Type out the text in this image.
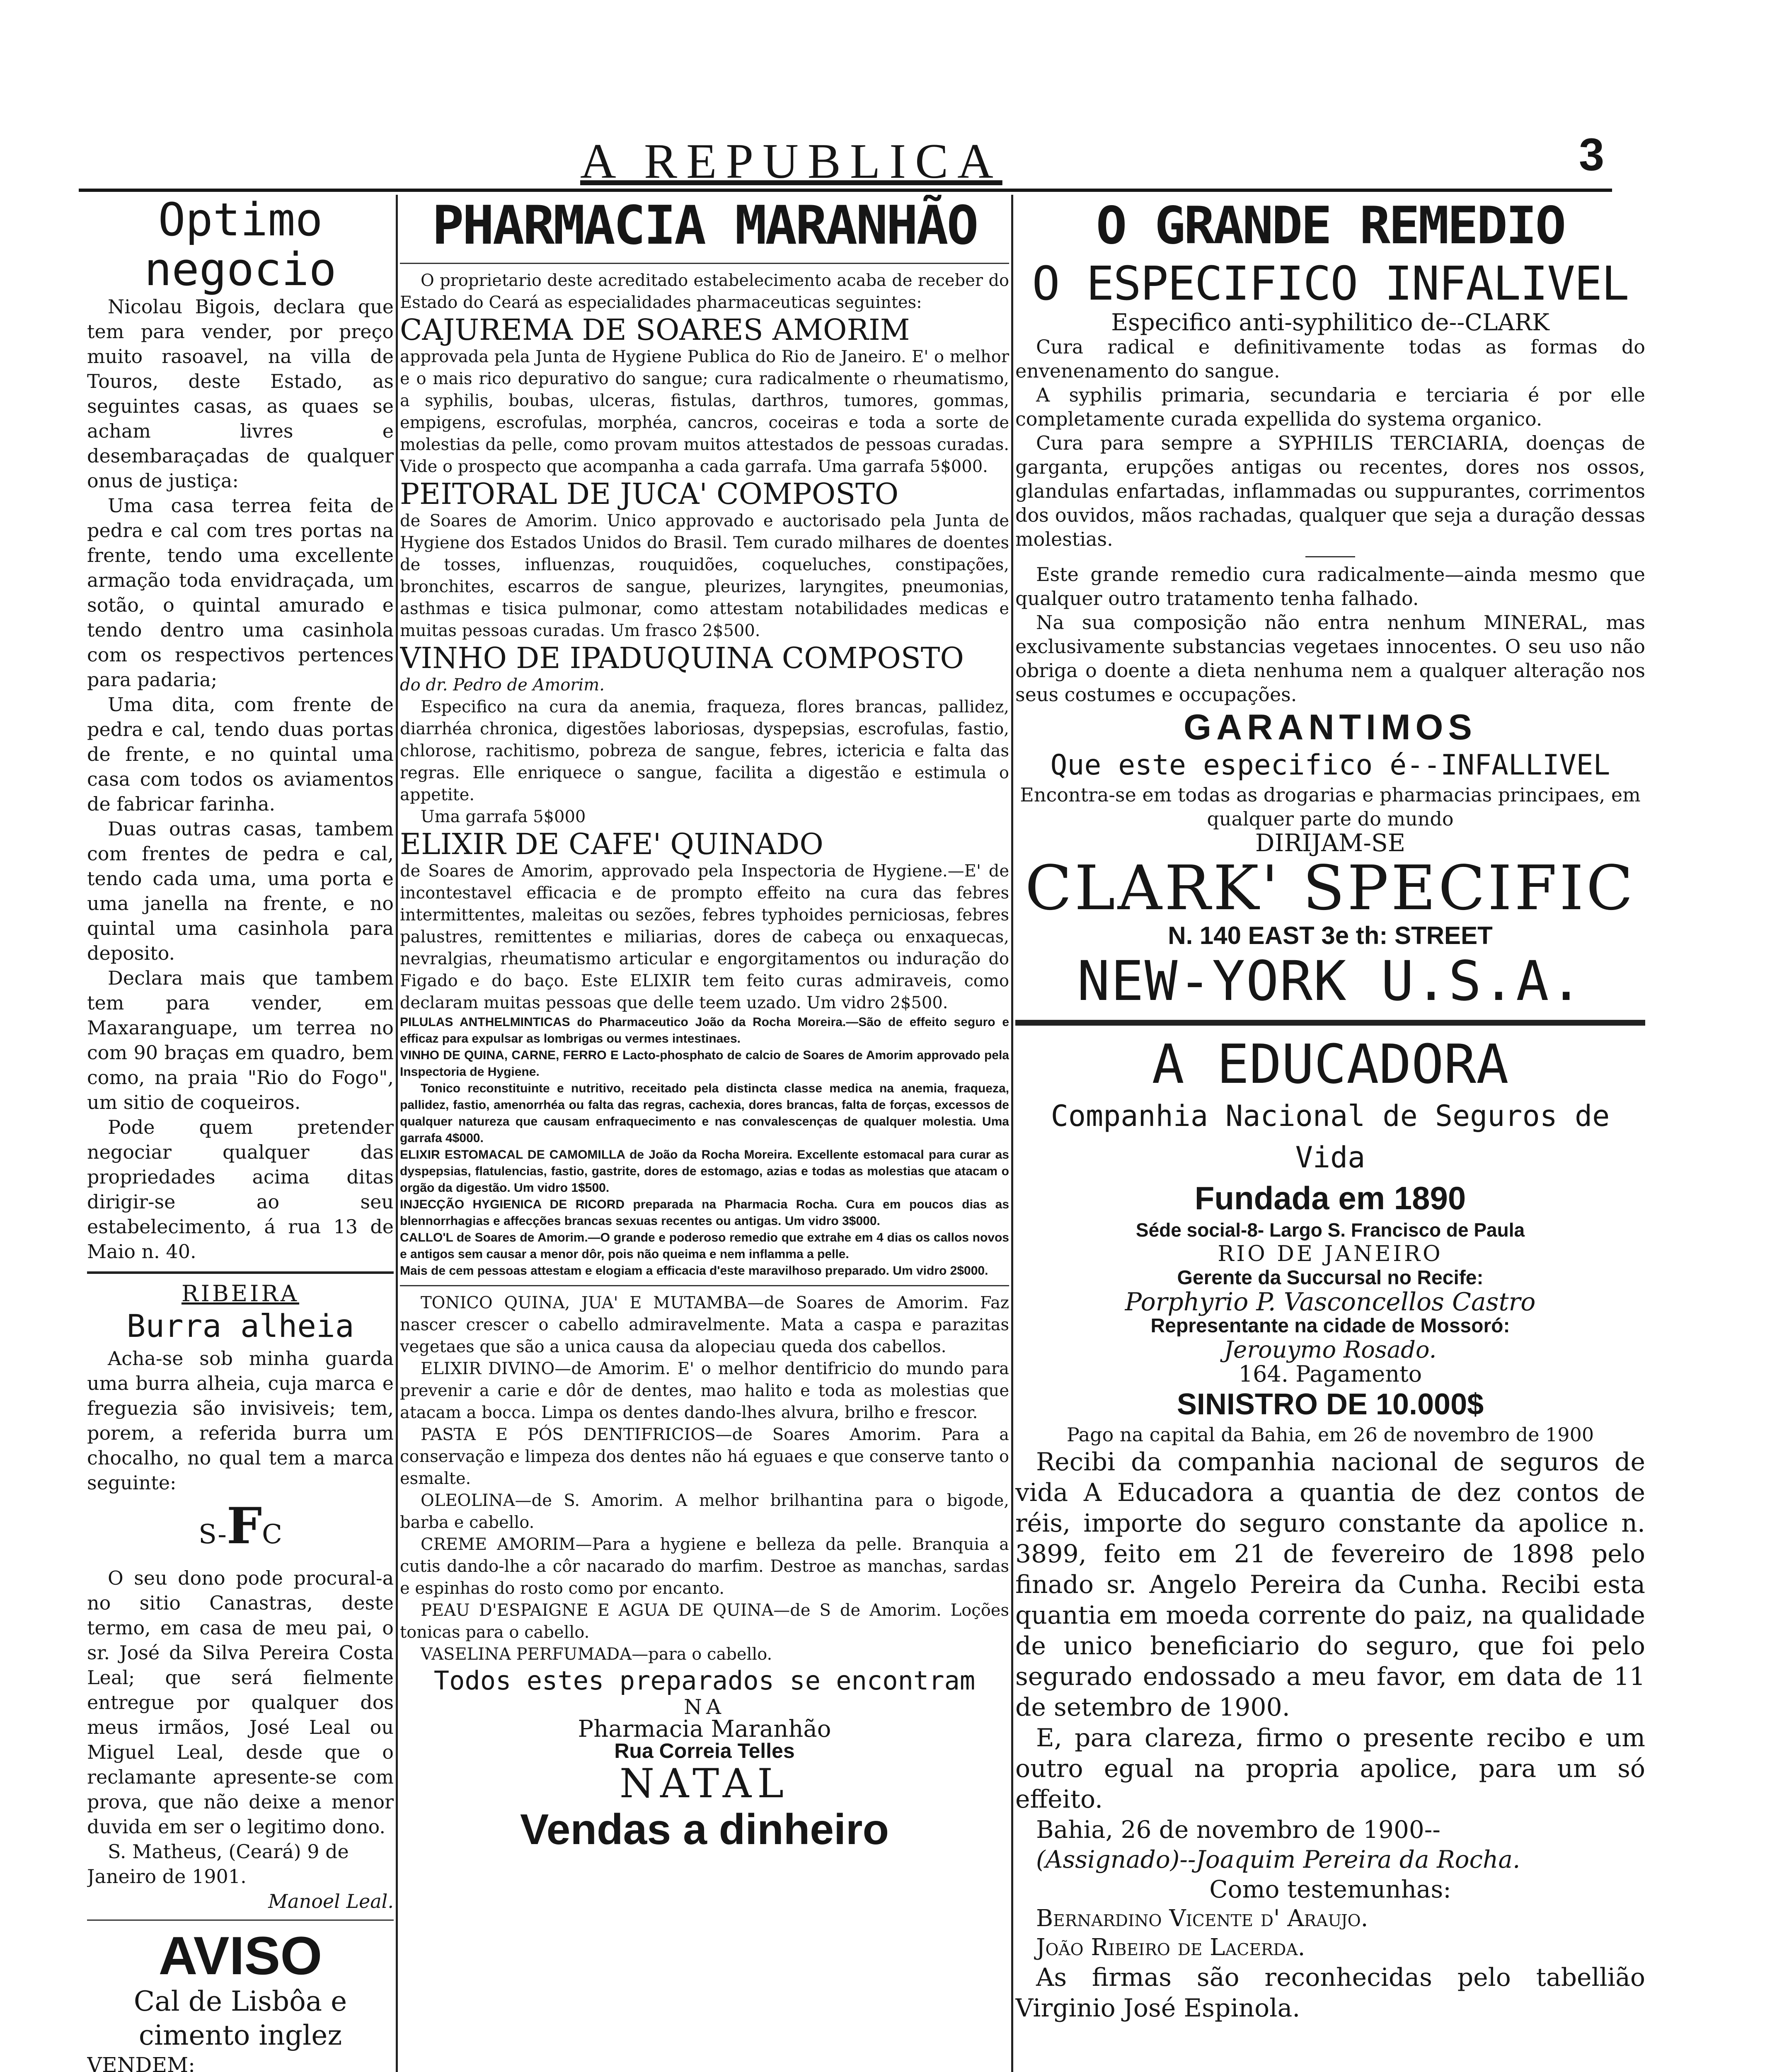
A REPUBLICA	3
Optimo negocio

Nicolau Bigois, declara que tem para vender, por preço muito rasoavel, na villa de Touros, deste Estado, as seguintes casas, as quaes se acham livres e desembaraçadas de qualquer onus de justiça:

Uma casa terrea feita de pedra e cal com tres portas na frente, tendo uma excellente armação toda envidraçada, um sotão, o quintal amurado e tendo dentro uma casinhola com os respectivos pertences para padaria;

Uma dita, com frente de pedra e cal, tendo duas portas de frente, e no quintal uma casa com todos os aviamentos de fabricar farinha.

Duas outras casas, tambem com frentes de pedra e cal, tendo cada uma, uma porta e uma janella na frente, e no quintal uma casinhola para deposito.

Declara mais que tambem tem para vender, em Maxaranguape, um terrea no com 90 braças em quadro, bem como, na praia "Rio do Fogo", um sitio de coqueiros.

Pode quem pretender negociar qualquer das propriedades acima ditas dirigir-se ao seu estabelecimento, á rua 13 de Maio n. 40.

RIBEIRA
Burra alheia

Acha-se sob minha guarda uma burra alheia, cuja marca e freguezia são invisiveis; tem, porem, a referida burra um chocalho, no qual tem a marca seguinte:

S-FC

O seu dono pode procural-a no sitio Canastras, deste termo, em casa de meu pai, o sr. José da Silva Pereira Costa Leal; que será fielmente entregue por qualquer dos meus irmãos, José Leal ou Miguel Leal, desde que o reclamante apresente-se com prova, que não deixe a menor duvida em ser o legitimo dono.

S. Matheus, (Ceará) 9 de Janeiro de 1901.

Manoel Leal.

AVISO
Cal de Lisbôa e cimento inglez
VENDEM:

PHARMACIA MARANHÃO

O proprietario deste acreditado estabelecimento acaba de receber do Estado do Ceará as especialidades pharmaceuticas seguintes:

CAJUREMA DE SOARES AMORIM

approvada pela Junta de Hygiene Publica do Rio de Janeiro. E' o melhor e o mais rico depurativo do sangue; cura radicalmente o rheumatismo, a syphilis, boubas, ulceras, fistulas, darthros, tumores, gommas, empigens, escrofulas, morphéa, cancros, coceiras e toda a sorte de molestias da pelle, como provam muitos attestados de pessoas curadas. Vide o prospecto que acompanha a cada garrafa. Uma garrafa 5$000.

PEITORAL DE JUCA' COMPOSTO

de Soares de Amorim. Unico approvado e auctorisado pela Junta de Hygiene dos Estados Unidos do Brasil. Tem curado milhares de doentes de tosses, influenzas, rouquidões, coqueluches, constipações, bronchites, escarros de sangue, pleurizes, laryngites, pneumonias, asthmas e tisica pulmonar, como attestam notabilidades medicas e muitas pessoas curadas. Um frasco 2$500.

VINHO DE IPADUQUINA COMPOSTO

do dr. Pedro de Amorim.

Especifico na cura da anemia, fraqueza, flores brancas, pallidez, diarrhéa chronica, digestões laboriosas, dyspepsias, escrofulas, fastio, chlorose, rachitismo, pobreza de sangue, febres, ictericia e falta das regras. Elle enriquece o sangue, facilita a digestão e estimula o appetite.

Uma garrafa 5$000

ELIXIR DE CAFE' QUINADO

de Soares de Amorim, approvado pela Inspectoria de Hygiene.—E' de incontestavel efficacia e de prompto effeito na cura das febres intermittentes, maleitas ou sezões, febres typhoides perniciosas, febres palustres, remittentes e miliarias, dores de cabeça ou enxaquecas, nevralgias, rheumatismo articular e engorgitamentos ou induração do Figado e do baço. Este ELIXIR tem feito curas admiraveis, como declaram muitas pessoas que delle teem uzado. Um vidro 2$500.

PILULAS ANTHELMINTICAS do Pharmaceutico João da Rocha Moreira.—São de effeito seguro e efficaz para expulsar as lombrigas ou vermes intestinaes.

VINHO DE QUINA, CARNE, FERRO E Lacto-phosphato de calcio de Soares de Amorim approvado pela Inspectoria de Hygiene.

Tonico reconstituinte e nutritivo, receitado pela distincta classe medica na anemia, fraqueza, pallidez, fastio, amenorrhéa ou falta das regras, cachexia, dores brancas, falta de forças, excessos de qualquer natureza que causam enfraquecimento e nas convalescenças de qualquer molestia. Uma garrafa 4$000.

ELIXIR ESTOMACAL DE CAMOMILLA de João da Rocha Moreira. Excellente estomacal para curar as dyspepsias, flatulencias, fastio, gastrite, dores de estomago, azias e todas as molestias que atacam o orgão da digestão. Um vidro 1$500.

INJECÇÃO HYGIENICA DE RICORD preparada na Pharmacia Rocha. Cura em poucos dias as blennorrhagias e affecções brancas sexuas recentes ou antigas. Um vidro 3$000.

CALLO'L de Soares de Amorim.—O grande e poderoso remedio que extrahe em 4 dias os callos novos e antigos sem causar a menor dôr, pois não queima e nem inflamma a pelle.

Mais de cem pessoas attestam e elogiam a efficacia d'este maravilhoso preparado. Um vidro 2$000.

TONICO QUINA, JUA' E MUTAMBA—de Soares de Amorim. Faz nascer crescer o cabello admiravelmente. Mata a caspa e parazitas vegetaes que são a unica causa da alopeciau queda dos cabellos.

ELIXIR DIVINO—de Amorim. E' o melhor dentifricio do mundo para prevenir a carie e dôr de dentes, mao halito e toda as molestias que atacam a bocca. Limpa os dentes dando-lhes alvura, brilho e frescor.

PASTA E PÓS DENTIFRICIOS—de Soares Amorim. Para a conservação e limpeza dos dentes não há eguaes e que conserve tanto o esmalte.

OLEOLINA—de S. Amorim. A melhor brilhantina para o bigode, barba e cabello.

CREME AMORIM—Para a hygiene e belleza da pelle. Branquia a cutis dando-lhe a côr nacarado do marfim. Destroe as manchas, sardas e espinhas do rosto como por encanto.

PEAU D'ESPAIGNE E AGUA DE QUINA—de S de Amorim. Loções tonicas para o cabello.

VASELINA PERFUMADA—para o cabello.

Todos estes preparados se encontram
NA
Pharmacia Maranhão
Rua Correia Telles
NATAL
Vendas a dinheiro
O GRANDE REMEDIO
O ESPECIFICO INFALIVEL
Especifico anti-syphilitico de--CLARK

Cura radical e definitivamente todas as formas do envenenamento do sangue.

A syphilis primaria, secundaria e terciaria é por elle completamente curada expellida do systema organico.

Cura para sempre a SYPHILIS TERCIARIA, doenças de garganta, erupções antigas ou recentes, dores nos ossos, glandulas enfartadas, inflammadas ou suppurantes, corrimentos dos ouvidos, mãos rachadas, qualquer que seja a duração dessas molestias.

Este grande remedio cura radicalmente—ainda mesmo que qualquer outro tratamento tenha falhado.

Na sua composição não entra nenhum MINERAL, mas exclusivamente substancias vegetaes innocentes. O seu uso não obriga o doente a dieta nenhuma nem a qualquer alteração nos seus costumes e occupações.

GARANTIMOS
Que este especifico é--INFALLIVEL

Encontra-se em todas as drogarias e pharmacias principaes, em qualquer parte do mundo

DIRIJAM-SE
CLARK' SPECIFIC
N. 140 EAST 3e th: STREET
NEW-YORK U.S.A.
A EDUCADORA
Companhia Nacional de Seguros de Vida
Fundada em 1890
Séde social-8- Largo S. Francisco de Paula
RIO DE JANEIRO
Gerente da Succursal no Recife:
Porphyrio P. Vasconcellos Castro
Representante na cidade de Mossoró:
Jerouymo Rosado.
164. Pagamento
SINISTRO DE 10.000$

Pago na capital da Bahia, em 26 de novembro de 1900

Recibi da companhia nacional de seguros de vida A Educadora a quantia de dez contos de réis, importe do seguro constante da apolice n. 3899, feito em 21 de fevereiro de 1898 pelo finado sr. Angelo Pereira da Cunha. Recibi esta quantia em moeda corrente do paiz, na qualidade de unico beneficiario do seguro, que foi pelo segurado endossado a meu favor, em data de 11 de setembro de 1900.

E, para clareza, firmo o presente recibo e um outro egual na propria apolice, para um só effeito.

Bahia, 26 de novembro de 1900--

(Assignado)--Joaquim Pereira da Rocha.

Como testemunhas:

Bernardino Vicente d' Araujo.

João Ribeiro de Lacerda.

As firmas são reconhecidas pelo tabellião Virginio José Espinola.
